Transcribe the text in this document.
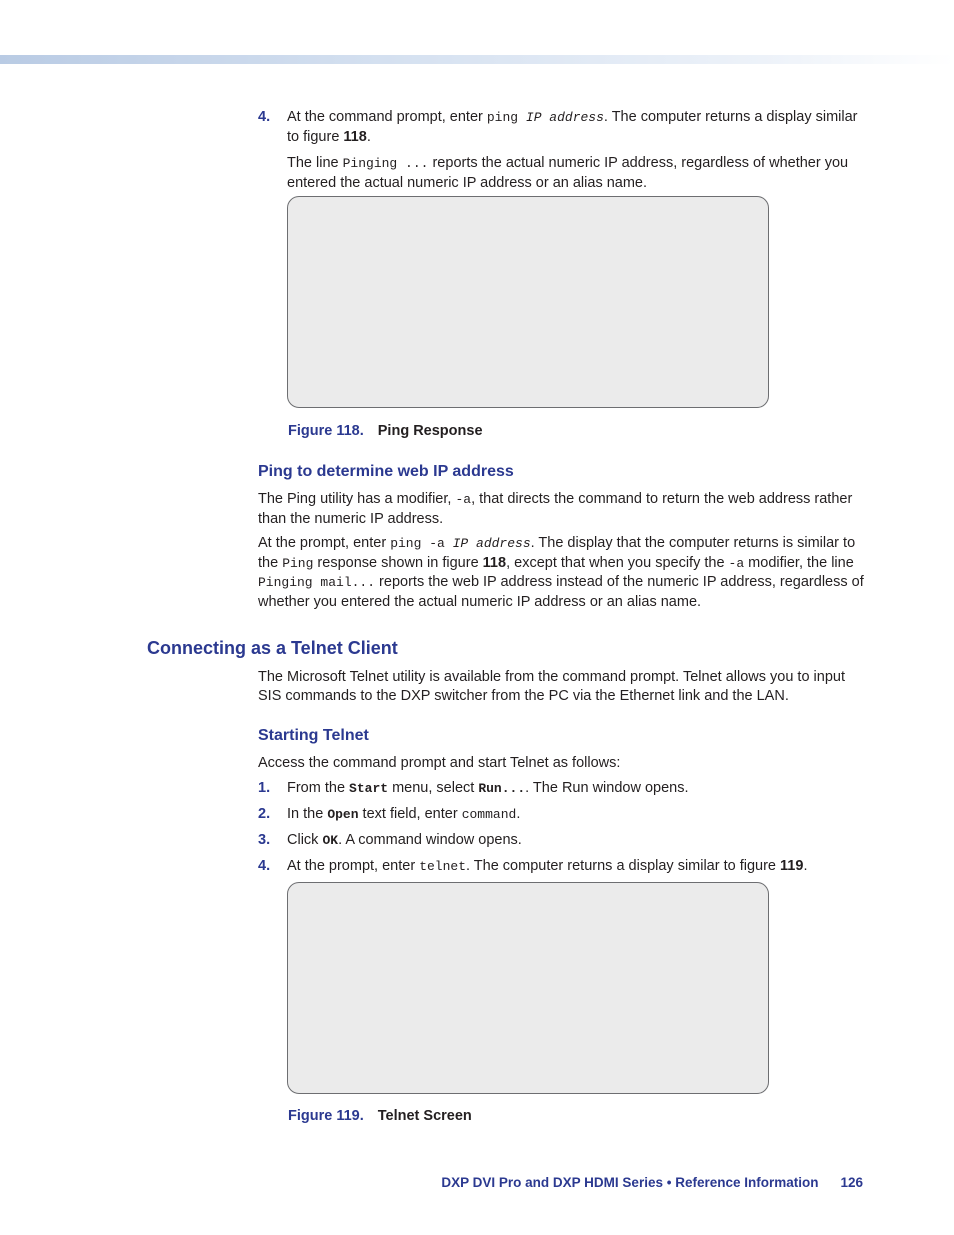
4. At the command prompt, enter ping IP address. The computer returns a display similar to figure 118.

The line Pinging ... reports the actual numeric IP address, regardless of whether you entered the actual numeric IP address or an alias name.

Figure 118. Ping Response
Ping to determine web IP address

The Ping utility has a modifier, -a, that directs the command to return the web address rather than the numeric IP address.

At the prompt, enter ping -a IP address. The display that the computer returns is similar to the Ping response shown in figure 118, except that when you specify the -a modifier, the line Pinging mail... reports the web IP address instead of the numeric IP address, regardless of whether you entered the actual numeric IP address or an alias name.

Connecting as a Telnet Client
The Microsoft Telnet utility is available from the command prompt. Telnet allows you to input SIS commands to the DXP switcher from the PC via the Ethernet link and the LAN.
Starting Telnet
Access the command prompt and start Telnet as follows:
1. From the Start menu, select Run.... The Run window opens.
2. In the Open text field, enter command.
3. Click OK. A command window opens.
4. At the prompt, enter telnet. The computer returns a display similar to figure 119.
Figure 119. Telnet Screen
DXP DVI Pro and DXP HDMI Series • Reference Information 126
